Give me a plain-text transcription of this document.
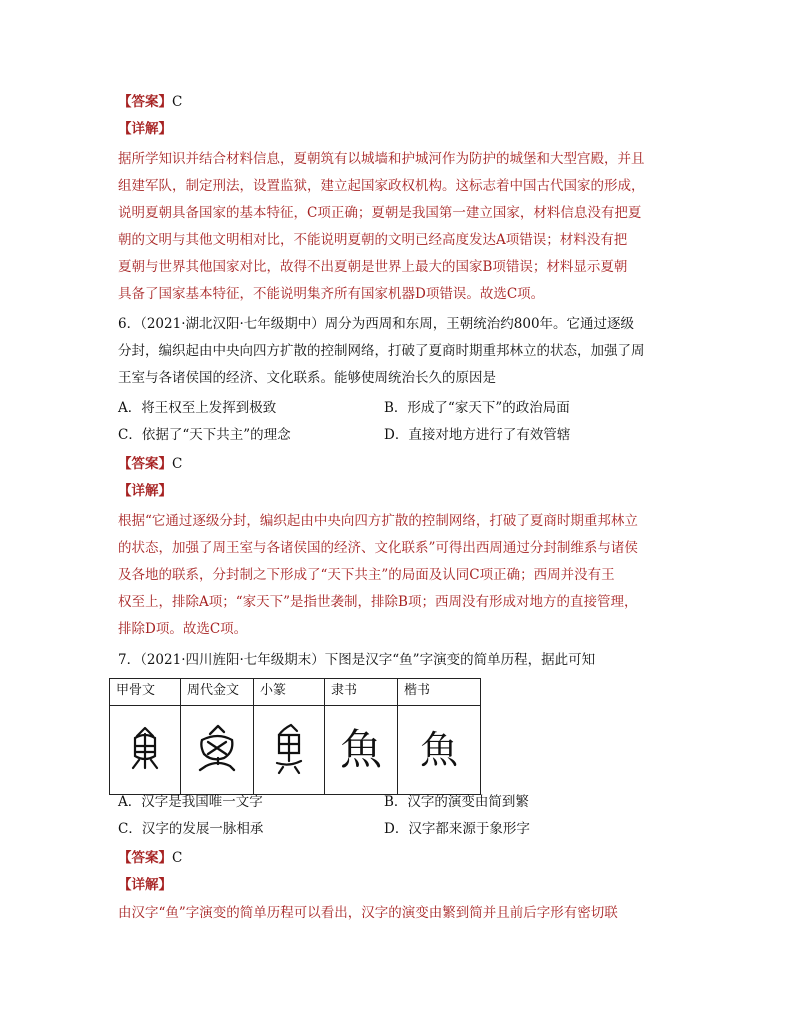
【答案】C
【详解】
据所学知识并结合材料信息，夏朝筑有以城墙和护城河作为防护的城堡和大型宫殿，并且
组建军队，制定刑法，设置监狱，建立起国家政权机构。这标志着中国古代国家的形成，
说明夏朝具备国家的基本特征，C项正确；夏朝是我国第一建立国家，材料信息没有把夏
朝的文明与其他文明相对比，不能说明夏朝的文明已经高度发达A项错误；材料没有把
夏朝与世界其他国家对比，故得不出夏朝是世界上最大的国家B项错误；材料显示夏朝
具备了国家基本特征，不能说明集齐所有国家机器D项错误。故选C项。
6．（2021·湖北汉阳·七年级期中）周分为西周和东周，王朝统治约800年。它通过逐级
分封，编织起由中央向四方扩散的控制网络，打破了夏商时期重邦林立的状态，加强了周
王室与各诸侯国的经济、文化联系。能够使周统治长久的原因是
A．将王权至上发挥到极致	B．形成了“家天下”的政治局面
C．依据了“天下共主”的理念	D．直接对地方进行了有效管辖
【答案】C
【详解】
根据“它通过逐级分封，编织起由中央向四方扩散的控制网络，打破了夏商时期重邦林立
的状态，加强了周王室与各诸侯国的经济、文化联系”可得出西周通过分封制维系与诸侯
及各地的联系，分封制之下形成了“天下共主”的局面及认同C项正确；西周并没有王
权至上，排除A项；“家天下”是指世袭制，排除B项；西周没有形成对地方的直接管理，
排除D项。故选C项。
7．（2021·四川旌阳·七年级期末）下图是汉字“鱼”字演变的简单历程，据此可知
甲骨文	周代金文	小篆	隶书	楷书
			魚	魚
A．汉字是我国唯一文字	B．汉字的演变由简到繁
C．汉字的发展一脉相承	D．汉字都来源于象形字
【答案】C
【详解】
由汉字“鱼”字演变的简单历程可以看出，汉字的演变由繁到简并且前后字形有密切联
